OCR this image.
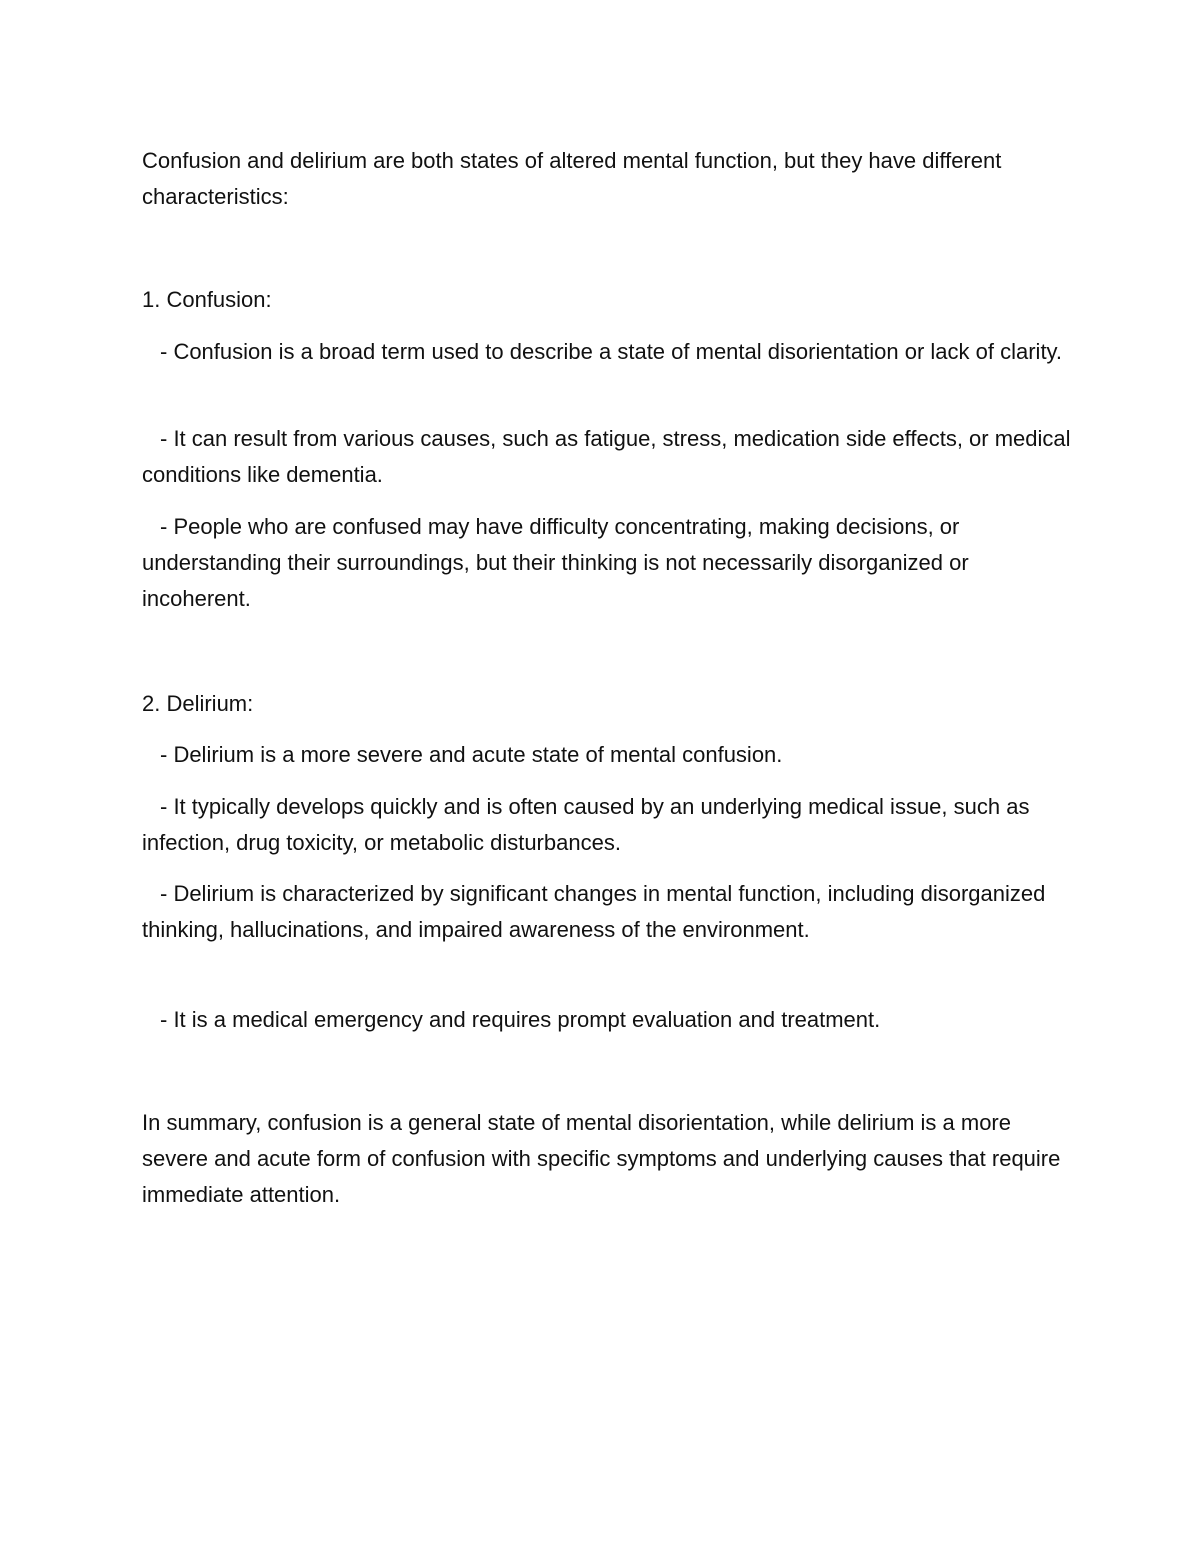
Confusion and delirium are both states of altered mental function, but they have different characteristics:

1. Confusion:

- Confusion is a broad term used to describe a state of mental disorientation or lack of clarity.

- It can result from various causes, such as fatigue, stress, medication side effects, or medical conditions like dementia.

- People who are confused may have difficulty concentrating, making decisions, or understanding their surroundings, but their thinking is not necessarily disorganized or incoherent.

2. Delirium:

- Delirium is a more severe and acute state of mental confusion.

- It typically develops quickly and is often caused by an underlying medical issue, such as infection, drug toxicity, or metabolic disturbances.

- Delirium is characterized by significant changes in mental function, including disorganized thinking, hallucinations, and impaired awareness of the environment.

- It is a medical emergency and requires prompt evaluation and treatment.

In summary, confusion is a general state of mental disorientation, while delirium is a more severe and acute form of confusion with specific symptoms and underlying causes that require immediate attention.
